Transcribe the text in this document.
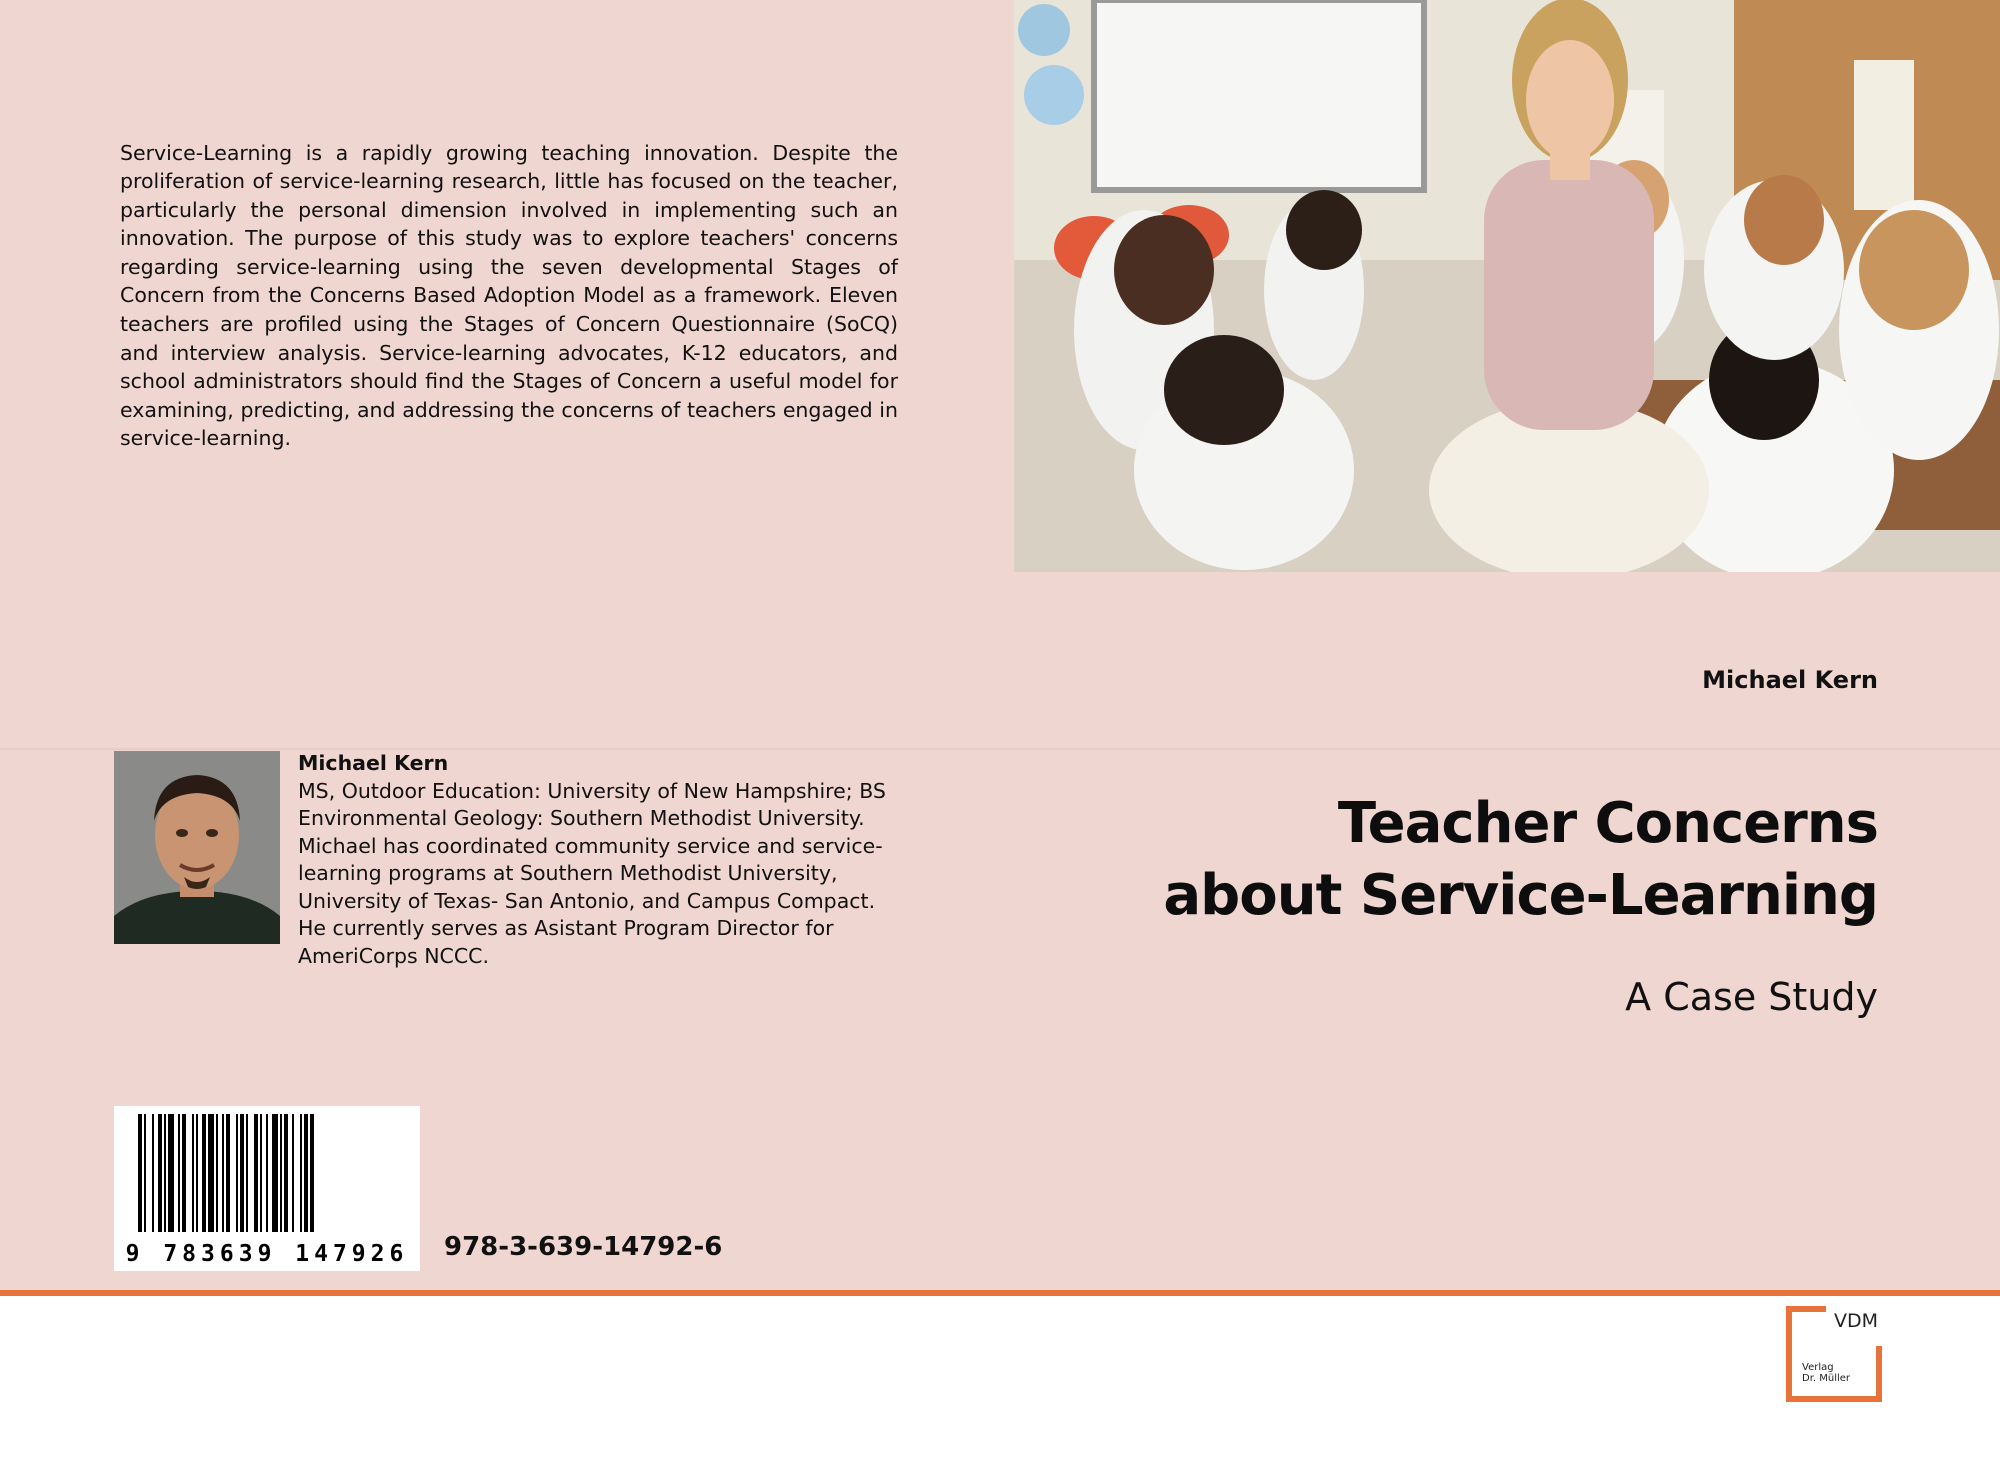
Service-Learning is a rapidly growing teaching innovation. Despite the proliferation of service-learning research, little has focused on the teacher, particularly the personal dimension involved in implementing such an innovation. The purpose of this study was to explore teachers' concerns regarding service-learning using the seven developmental Stages of Concern from the Concerns Based Adoption Model as a framework. Eleven teachers are profiled using the Stages of Concern Questionnaire (SoCQ) and interview analysis. Service-learning advocates, K-12 educators, and school administrators should find the Stages of Concern a useful model for examining, predicting, and addressing the concerns of teachers engaged in service-learning.

Michael Kern
Teacher Concerns
about Service-Learning
A Case Study
Michael Kern
MS, Outdoor Education: University of New Hampshire; BS Environmental Geology: Southern Methodist University. Michael has coordinated community service and service-learning programs at Southern Methodist University, University of Texas- San Antonio, and Campus Compact. He currently serves as Asistant Program Director for AmeriCorps NCCC.
9 783639 147926 978-3-639-14792-6
VDM
Verlag
Dr. Müller
